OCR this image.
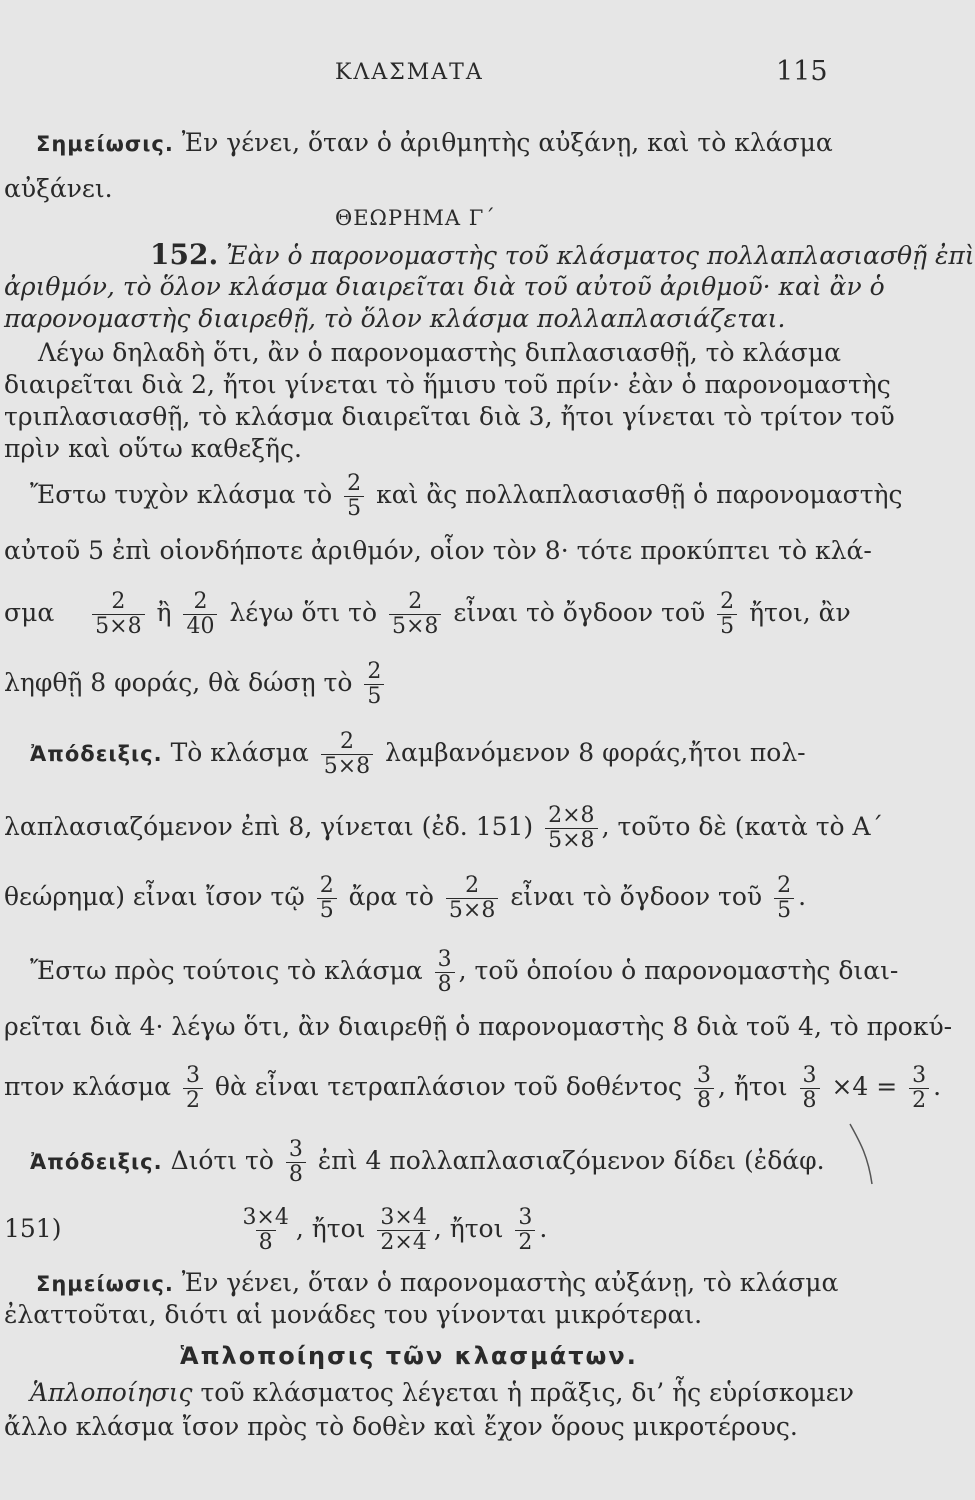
ΚΛΑΣΜΑΤΑ	115
Σημείωσις. Ἐν γένει, ὅταν ὁ ἀριθμητὴς αὐξάνῃ, καὶ τὸ κλάσμα
αὐξάνει.
ΘΕΩΡΗΜΑ Γ΄
152. Ἐὰν ὁ παρονομαστὴς τοῦ κλάσματος πολλαπλασιασθῇ ἐπὶ
ἀριθμόν, τὸ ὅλον κλάσμα διαιρεῖται διὰ τοῦ αὐτοῦ ἀριθμοῦ· καὶ ἂν ὁ
παρονομαστὴς διαιρεθῇ, τὸ ὅλον κλάσμα πολλαπλασιάζεται.
Λέγω δηλαδὴ ὅτι, ἂν ὁ παρονομαστὴς διπλασιασθῇ, τὸ κλάσμα
διαιρεῖται διὰ 2, ἤτοι γίνεται τὸ ἥμισυ τοῦ πρίν· ἐὰν ὁ παρονομαστὴς
τριπλασιασθῇ, τὸ κλάσμα διαιρεῖται διὰ 3, ἤτοι γίνεται τὸ τρίτον τοῦ
πρὶν καὶ οὕτω καθεξῆς.
Ἔστω τυχὸν κλάσμα τὸ $\frac{2}{5}$ καὶ ἂς πολλαπλασιασθῇ ὁ παρονομαστὴς
αὐτοῦ 5 ἐπὶ οἱονδήποτε ἀριθμόν, οἷον τὸν 8· τότε προκύπτει τὸ κλά-
σμα $\frac{2}{5\times 8}$ ἢ $\frac{2}{40}$ λέγω ὅτι τὸ $\frac{2}{5\times 8}$ εἶναι τὸ ὄγδοον τοῦ $\frac{2}{5}$ ἤτοι, ἂν
ληφθῇ 8 φοράς, θὰ δώσῃ τὸ $\frac{2}{5}$
Ἀπόδειξις. Τὸ κλάσμα $\frac{2}{5\times 8}$ λαμβανόμενον 8 φοράς,ἤτοι πολ-
λαπλασιαζόμενον ἐπὶ 8, γίνεται (ἐδ. $151) \frac{2\times 8}{5\times 8}$ , τοῦτο δὲ (κατὰ τὸ Α΄
θεώρημα) εἶναι ἴσον τῷ $\frac{2}{5}$ ἄρα τὸ $\frac{2}{5\times 8}$ εἶναι τὸ ὄγδοον τοῦ $\frac{2}{5}$ .
Ἔστω πρὸς τούτοις τὸ κλάσμα $\frac{3}{8}$ , τοῦ ὁποίου ὁ παρονομαστὴς διαι-
ρεῖται διὰ 4· λέγω ὅτι, ἂν διαιρεθῇ ὁ παρονομαστὴς 8 διὰ τοῦ 4, τὸ προκύ-
πτον κλάσμα $\frac{3}{2}$ θὰ εἶναι τετραπλάσιον τοῦ δοθέντος $\frac{3}{8}$ , ἤτοι $\frac{3}{8} \times 4 = \frac{3}{2}$ .
Ἀπόδειξις. Διότι τὸ $\frac{3}{8}$ ἐπὶ 4 πολλαπλασιαζόμενον δίδει (ἐδάφ.
151)	$\frac{3\times 4}{8}$ , ἤτοι $\frac{3\times 4}{2\times 4}$ , ἤτοι $\frac{3}{2}$ .
Σημείωσις. Ἐν γένει, ὅταν ὁ παρονομαστὴς αὐξάνῃ, τὸ κλάσμα
ἐλαττοῦται, διότι αἱ μονάδες του γίνονται μικρότεραι.
Ἁπλοποίησις τῶν κλασμάτων.
Ἁπλοποίησις τοῦ κλάσματος λέγεται ἡ πρᾶξις, δι’ ἧς εὑρίσκομεν
ἄλλο κλάσμα ἴσον πρὸς τὸ δοθὲν καὶ ἔχον ὅρους μικροτέρους.
